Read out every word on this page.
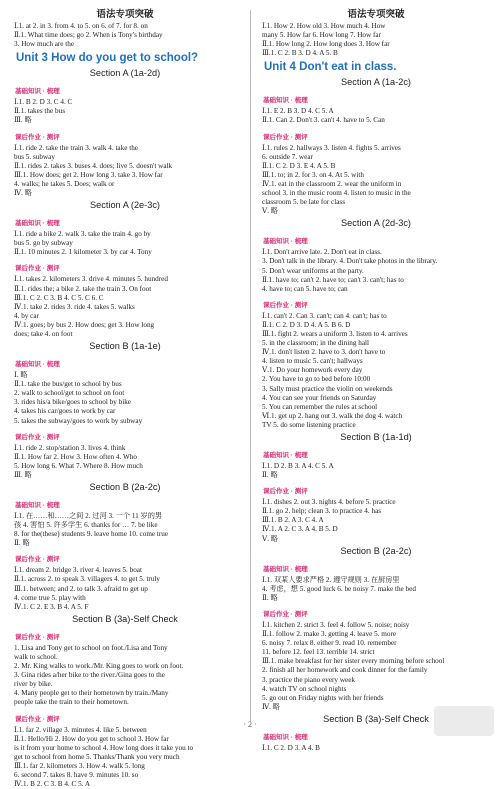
语法专项突破
Ⅰ.1. at 2. in 3. from 4. to 5. on 6. of 7. for 8. on
Ⅱ.1. What time does; go 2. When is Tony's birthday
3. How much are the
Unit 3 How do you get to school?
Section A (1a-2d)
基础知识 · 梳理

Ⅰ.1. B 2. D 3. C 4. C
Ⅱ.1. takes the bus
Ⅲ. 略
课后作业 · 测评

Ⅰ.1. ride 2. take the train 3. walk 4. take the
bus 5. subway
Ⅱ.1. rides 2. takes 3. buses 4. does; live 5. doesn't walk
Ⅲ.1. How does; get 2. How long 3. take 3. How far
4. walks; he takes 5. Does; walk or
Ⅳ. 略
Section A (2e-3c)
基础知识 · 梳理

Ⅰ.1. ride a bike 2. walk 3. take the train 4. go by
bus 5. go by subway
Ⅱ.1. 10 minutes 2. 1 kilometer 3. by car 4. Tony
课后作业 · 测评

Ⅰ.1. takes 2. kilometers 3. drive 4. minutes 5. hundred
Ⅱ.1. rides the; a bike 2. take the train 3. On foot
Ⅲ.1. C 2. C 3. B 4. C 5. C 6. C
Ⅳ.1. take 2. rides 3. ride 4. takes 5. walks
4. by car
Ⅳ.1. goes; by bus 2. How does; get 3. How long
does; take 4. on foot
Section B (1a-1e)
基础知识 · 梳理

Ⅰ. 略
Ⅱ.1. take the bus/get to school by bus
2. walk to school/get to school on foot
3. rides his/a bike/goes to school by bike
4. takes his car/goes to work by car
5. takes the subway/goes to work by subway
课后作业 · 测评

Ⅰ.1. ride 2. stop/station 3. lives 4. think
Ⅱ.1. How far 2. How 3. How often 4. Who
5. How long 6. What 7. Where 8. How much
Ⅲ. 略
Section B (2a-2c)
基础知识 · 梳理

Ⅰ.1. 在……和……之间 2. 过河 3. 一个 11 岁的男
孩 4. 害怕 5. 许多学生 6. thanks for … 7. be like
8. for the(these) students 9. leave home 10. come true
Ⅱ. 略
课后作业 · 测评

Ⅰ.1. dream 2. bridge 3. river 4. leaves 5. boat
Ⅱ.1. across 2. to speak 3. villagers 4. to get 5. truly
Ⅲ.1. between; and 2. to talk 3. afraid to get up
4. come true 5. play with
Ⅳ.1. C 2. E 3. B 4. A 5. F
Section B (3a)-Self Check
课后作业 · 测评

1. Lisa and Tony get to school on foot./Lisa and Tony
walk to school.
2. Mr. King walks to work./Mr. King goes to work on foot.
3. Gina rides a/her bike to the river./Gina goes to the
river by bike.
4. Many people get to their hometown by train./Many
people take the train to their hometown.
课后作业 · 测评

Ⅰ.1. far 2. village 3. minutes 4. like 5. between
Ⅱ.1. Hello/Hi 2. How do you get to school 3. How far
is it from your home to school 4. How long does it take you to
get to school from home 5. Thanks/Thank you very much
Ⅲ.1. far 2. kilometers 3. How 4. walk 5. long
6. second 7. takes 8. have 9. minutes 10. so
Ⅳ.1. B 2. C 3. B 4. C 5. A
语法专项突破
Ⅰ.1. How 2. How old 3. How much 4. How
many 5. How far 6. How long 7. How far
Ⅱ.1. How long 2. How long does 3. How far
Ⅲ.1. C 2. B 3. D 4. A 5. B
Unit 4 Don't eat in class.
Section A (1a-2c)
基础知识 · 梳理

Ⅰ.1. E 2. B 3. D 4. C 5. A
Ⅱ.1. Can 2. Don't 3. can't 4. have to 5. Can
课后作业 · 测评

Ⅰ.1. rules 2. hallways 3. listen 4. fights 5. arrives
6. outside 7. wear
Ⅱ.1. C 2. D 3. E 4. A 5. B
Ⅲ.1. to; in 2. for 3. on 4. At 5. with
Ⅳ.1. eat in the classroom 2. wear the uniform in
school 3. in the music room 4. listen to music in the
classroom 5. be late for class
Ⅴ. 略
Section A (2d-3c)
基础知识 · 梳理

Ⅰ.1. Don't arrive late. 2. Don't eat in class.
3. Don't talk in the library. 4. Don't take photos in the library.
5. Don't wear uniforms at the party.
Ⅱ.1. have to; can't 2. have to; can't 3. can't; has to
4. have to; can 5. have to; can
课后作业 · 测评

Ⅰ.1. can't 2. Can 3. can't; can 4. can't; has to
Ⅱ.1. C 2. D 3. D 4. A 5. B 6. D
Ⅲ.1. fight 2. wears a uniform 3. listen to 4. arrives
5. in the classroom; in the dining hall
Ⅳ.1. don't listen 2. have to 3. don't have to
4. listen to music 5. can't; hallways
Ⅴ.1. Do your homework every day
2. You have to go to bed before 10:00
3. Sally must practice the violin on weekends
4. You can see your friends on Saturday
5. You can remember the rules at school
Ⅵ.1. get up 2. hang out 3. walk the dog 4. watch
TV 5. do some listening practice
Section B (1a-1d)
基础知识 · 梳理

Ⅰ.1. D 2. B 3. A 4. C 5. A
Ⅱ. 略
课后作业 · 测评

Ⅰ.1. dishes 2. out 3. nights 4. before 5. practice
Ⅱ.1. go 2. help; clean 3. to practice 4. has
Ⅲ.1. B 2. A 3. C 4. A
Ⅳ.1. A 2. C 3. A 4. B 5. D
Ⅴ. 略
Section B (2a-2c)
基础知识 · 梳理

Ⅰ.1. 双某人要求严格 2. 遵守规则 3. 在厨房里
4. 考虑，想 5. good luck 6. be noisy 7. make the bed
Ⅱ. 略
课后作业 · 测评

Ⅰ.1. kitchen 2. strict 3. feel 4. follow 5. noise; noisy
Ⅱ.1. follow 2. make 3. getting 4. leave 5. more
6. noisy 7. relax 8. either 9. read 10. remember
11. before 12. feel 13. terrible 14. strict
Ⅲ.1. make breakfast for her sister every morning before school
2. finish all her homework and cook dinner for the family
3. practice the piano every week
4. watch TV on school nights
5. go out on Friday nights with her friends
Ⅳ. 略
Section B (3a)-Self Check
基础知识 · 梳理

Ⅰ.1. C 2. D 3. A 4. B
· 2 ·
